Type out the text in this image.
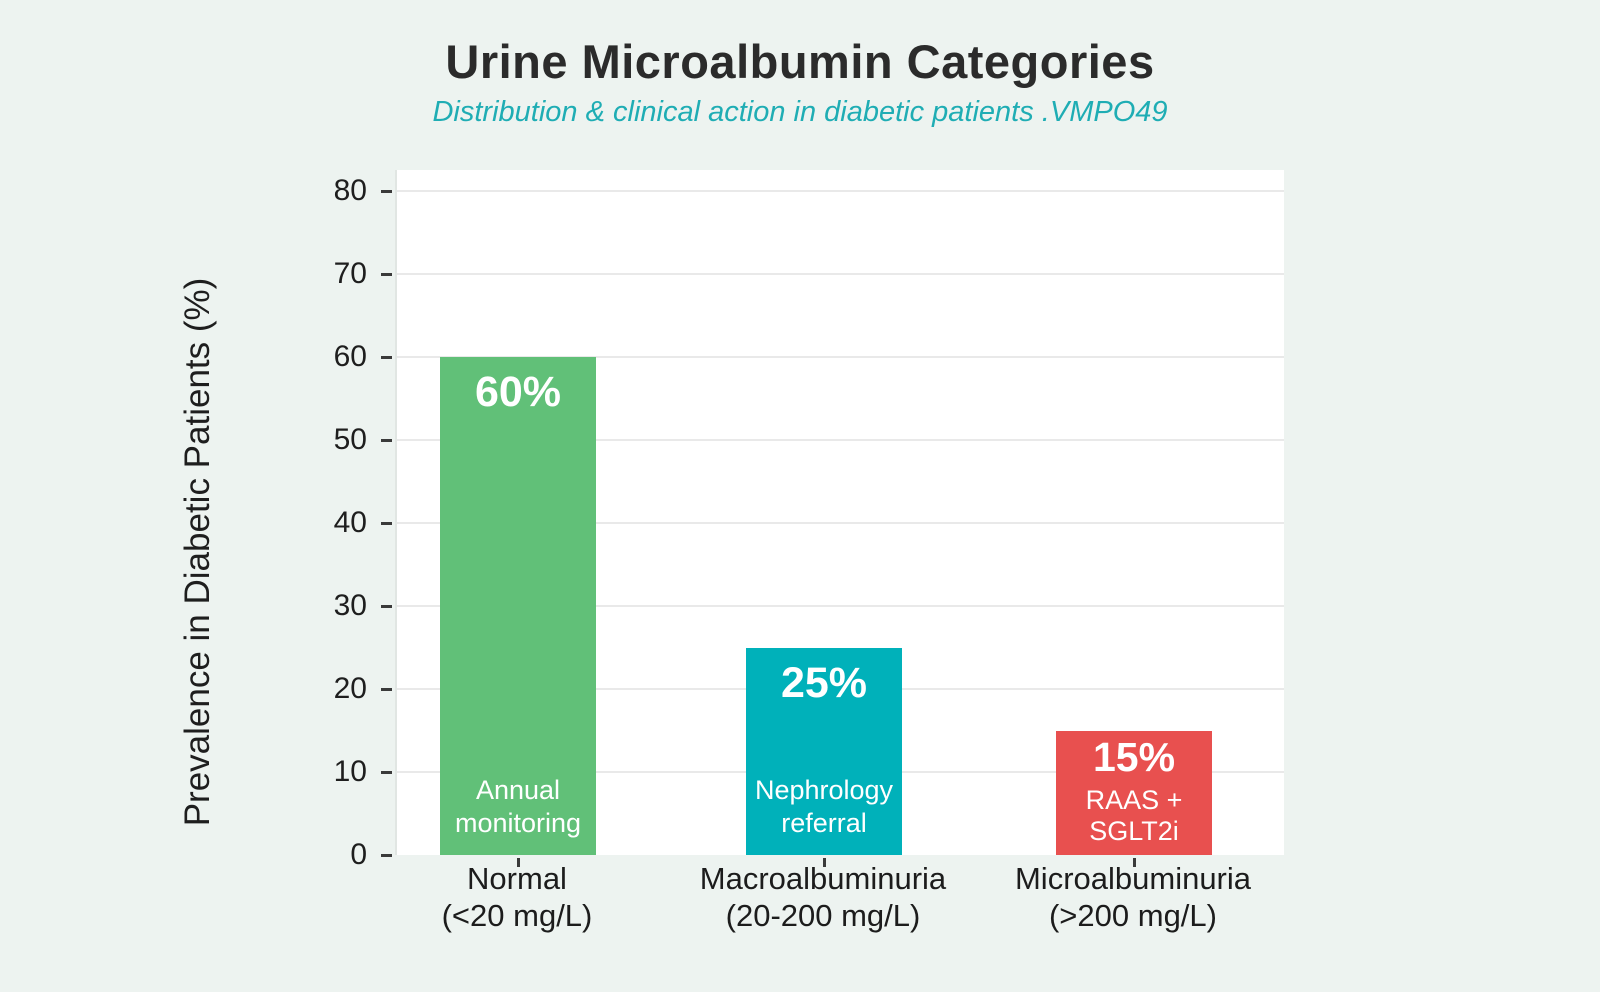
Urine Microalbumin Categories
Distribution & clinical action in diabetic patients .VMPO49
Prevalence in Diabetic Patients (%)	60%
Annual
monitoring
25%
Nephrology
referral
15%
RAAS +
SGLT2i
0
10
20
30
40
50
60
70
80
Normal
(<20 mg/L)
Macroalbuminuria
(20-200 mg/L)
Microalbuminuria
(>200 mg/L)
